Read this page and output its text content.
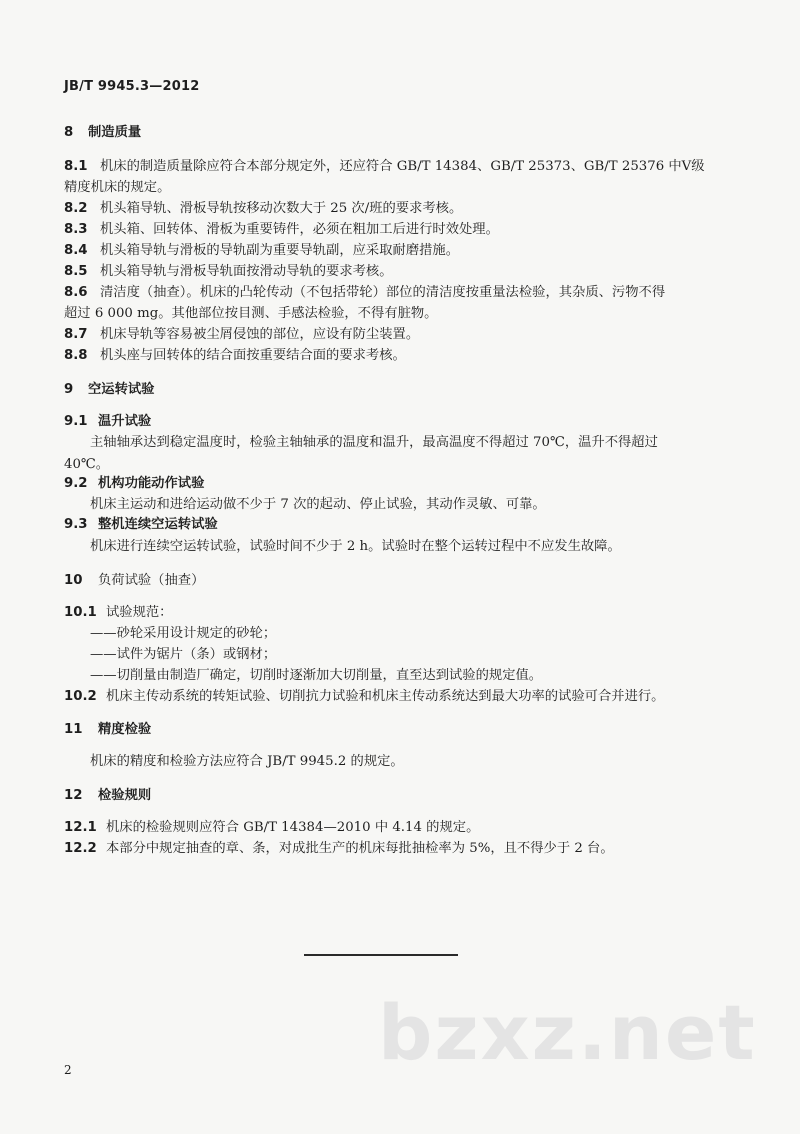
JB/T 9945.3—2012
8 制造质量
8.1 机床的制造质量除应符合本部分规定外，还应符合 GB/T 14384、GB/T 25373、GB/T 25376 中Ⅴ级
精度机床的规定。
8.2 机头箱导轨、滑板导轨按移动次数大于 25 次/班的要求考核。
8.3 机头箱、回转体、滑板为重要铸件，必须在粗加工后进行时效处理。
8.4 机头箱导轨与滑板的导轨副为重要导轨副，应采取耐磨措施。
8.5 机头箱导轨与滑板导轨面按滑动导轨的要求考核。
8.6 清洁度（抽查）。机床的凸轮传动（不包括带轮）部位的清洁度按重量法检验，其杂质、污物不得
超过 6 000 mg。其他部位按目测、手感法检验，不得有脏物。
8.7 机床导轨等容易被尘屑侵蚀的部位，应设有防尘装置。
8.8 机头座与回转体的结合面按重要结合面的要求考核。
9 空运转试验
9.1 温升试验
主轴轴承达到稳定温度时，检验主轴轴承的温度和温升，最高温度不得超过 70℃，温升不得超过
40℃。
9.2 机构功能动作试验
机床主运动和进给运动做不少于 7 次的起动、停止试验，其动作灵敏、可靠。
9.3 整机连续空运转试验
机床进行连续空运转试验，试验时间不少于 2 h。试验时在整个运转过程中不应发生故障。
10 负荷试验（抽查）
10.1 试验规范：
——砂轮采用设计规定的砂轮；
——试件为锯片（条）或钢材；
——切削量由制造厂确定，切削时逐渐加大切削量，直至达到试验的规定值。
10.2 机床主传动系统的转矩试验、切削抗力试验和机床主传动系统达到最大功率的试验可合并进行。
11 精度检验
机床的精度和检验方法应符合 JB/T 9945.2 的规定。
12 检验规则
12.1 机床的检验规则应符合 GB/T 14384—2010 中 4.14 的规定。
12.2 本部分中规定抽查的章、条，对成批生产的机床每批抽检率为 5%，且不得少于 2 台。
bzxz.net
2
